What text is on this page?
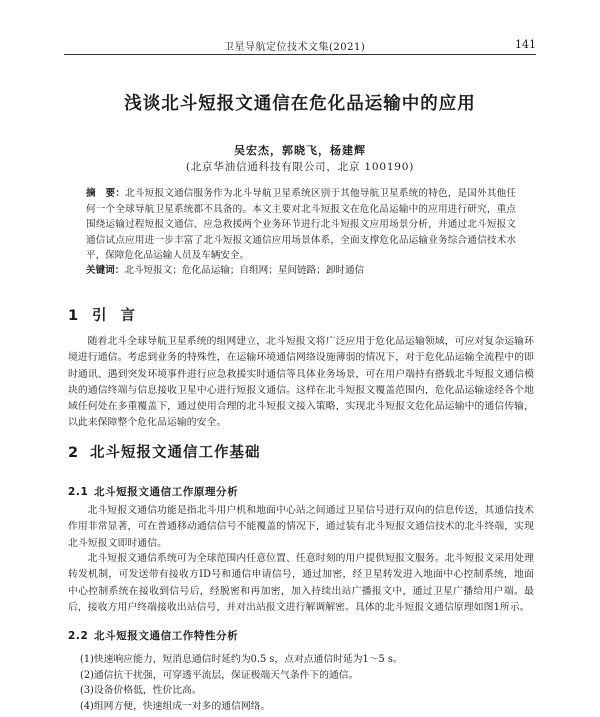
卫星导航定位技术文集(2021)	141
浅谈北斗短报文通信在危化品运输中的应用
吴宏杰，郭晓飞，杨建辉
(北京华油信通科技有限公司，北京 100190)
摘　要：北斗短报文通信服务作为北斗导航卫星系统区别于其他导航卫星系统的特色，是国外其他任何一个全球导航卫星系统都不具备的。本文主要对北斗短报文在危化品运输中的应用进行研究，重点围绕运输过程短报文通信、应急救援两个业务环节进行北斗短报文应用场景分析，并通过北斗短报文通信试点应用进一步丰富了北斗短报文通信应用场景体系，全面支撑危化品运输业务综合通信技术水平，保障危化品运输人员及车辆安全。
关键词：北斗短报文；危化品运输；自组网；星间链路；卸时通信
1 引言
随着北斗全球导航卫星系统的组网建立，北斗短报文将广泛应用于危化品运输领域，可应对复杂运输环境进行通信。考虑到业务的特殊性，在运输环境通信网络设施薄弱的情况下，对于危化品运输全流程中的即时通讯、遇到突发环境事件进行应急救援实时通信等具体业务场景，可在用户端持有搭载北斗短报文通信模块的通信终端与信息接收卫星中心进行短报文通信。这样在北斗短报文覆盖范围内，危化品运输途经各个地域任何处在多重覆盖下，通过使用合理的北斗短报文接入策略，实现北斗短报文危化品运输中的通信传输，以此来保障整个危化品运输的安全。
2 北斗短报文通信工作基础
2.1 北斗短报文通信工作原理分析
北斗短报文通信功能是指北斗用户机和地面中心站之间通过卫星信号进行双向的信息传送，其通信技术作用非常显著，可在普通移动通信信号不能覆盖的情况下，通过装有北斗短报文通信技术的北斗终端，实现北斗短报文即时通信。
北斗短报文通信系统可为全球范围内任意位置、任意时刻的用户提供短报文服务。北斗短报文采用处理转发机制，可发送带有接收方ID号和通信申请信号，通过加密，经卫星转发进入地面中心控制系统，地面中心控制系统在接收到信号后，经脱密和再加密，加入持续出站广播报文中，通过卫星广播给用户端。最后，接收方用户终端接收出站信号，并对出站报文进行解调解密。具体的北斗短报文通信原理如图1所示。
2.2 北斗短报文通信工作特性分析
(1)快速响应能力，短消息通信时延约为0.5 s，点对点通信时延为1～5 s。
(2)通信抗干扰强，可穿透平流层，保证极端天气条件下的通信。
(3)设备价格低，性价比高。
(4)组网方便，快速组成一对多的通信网络。
